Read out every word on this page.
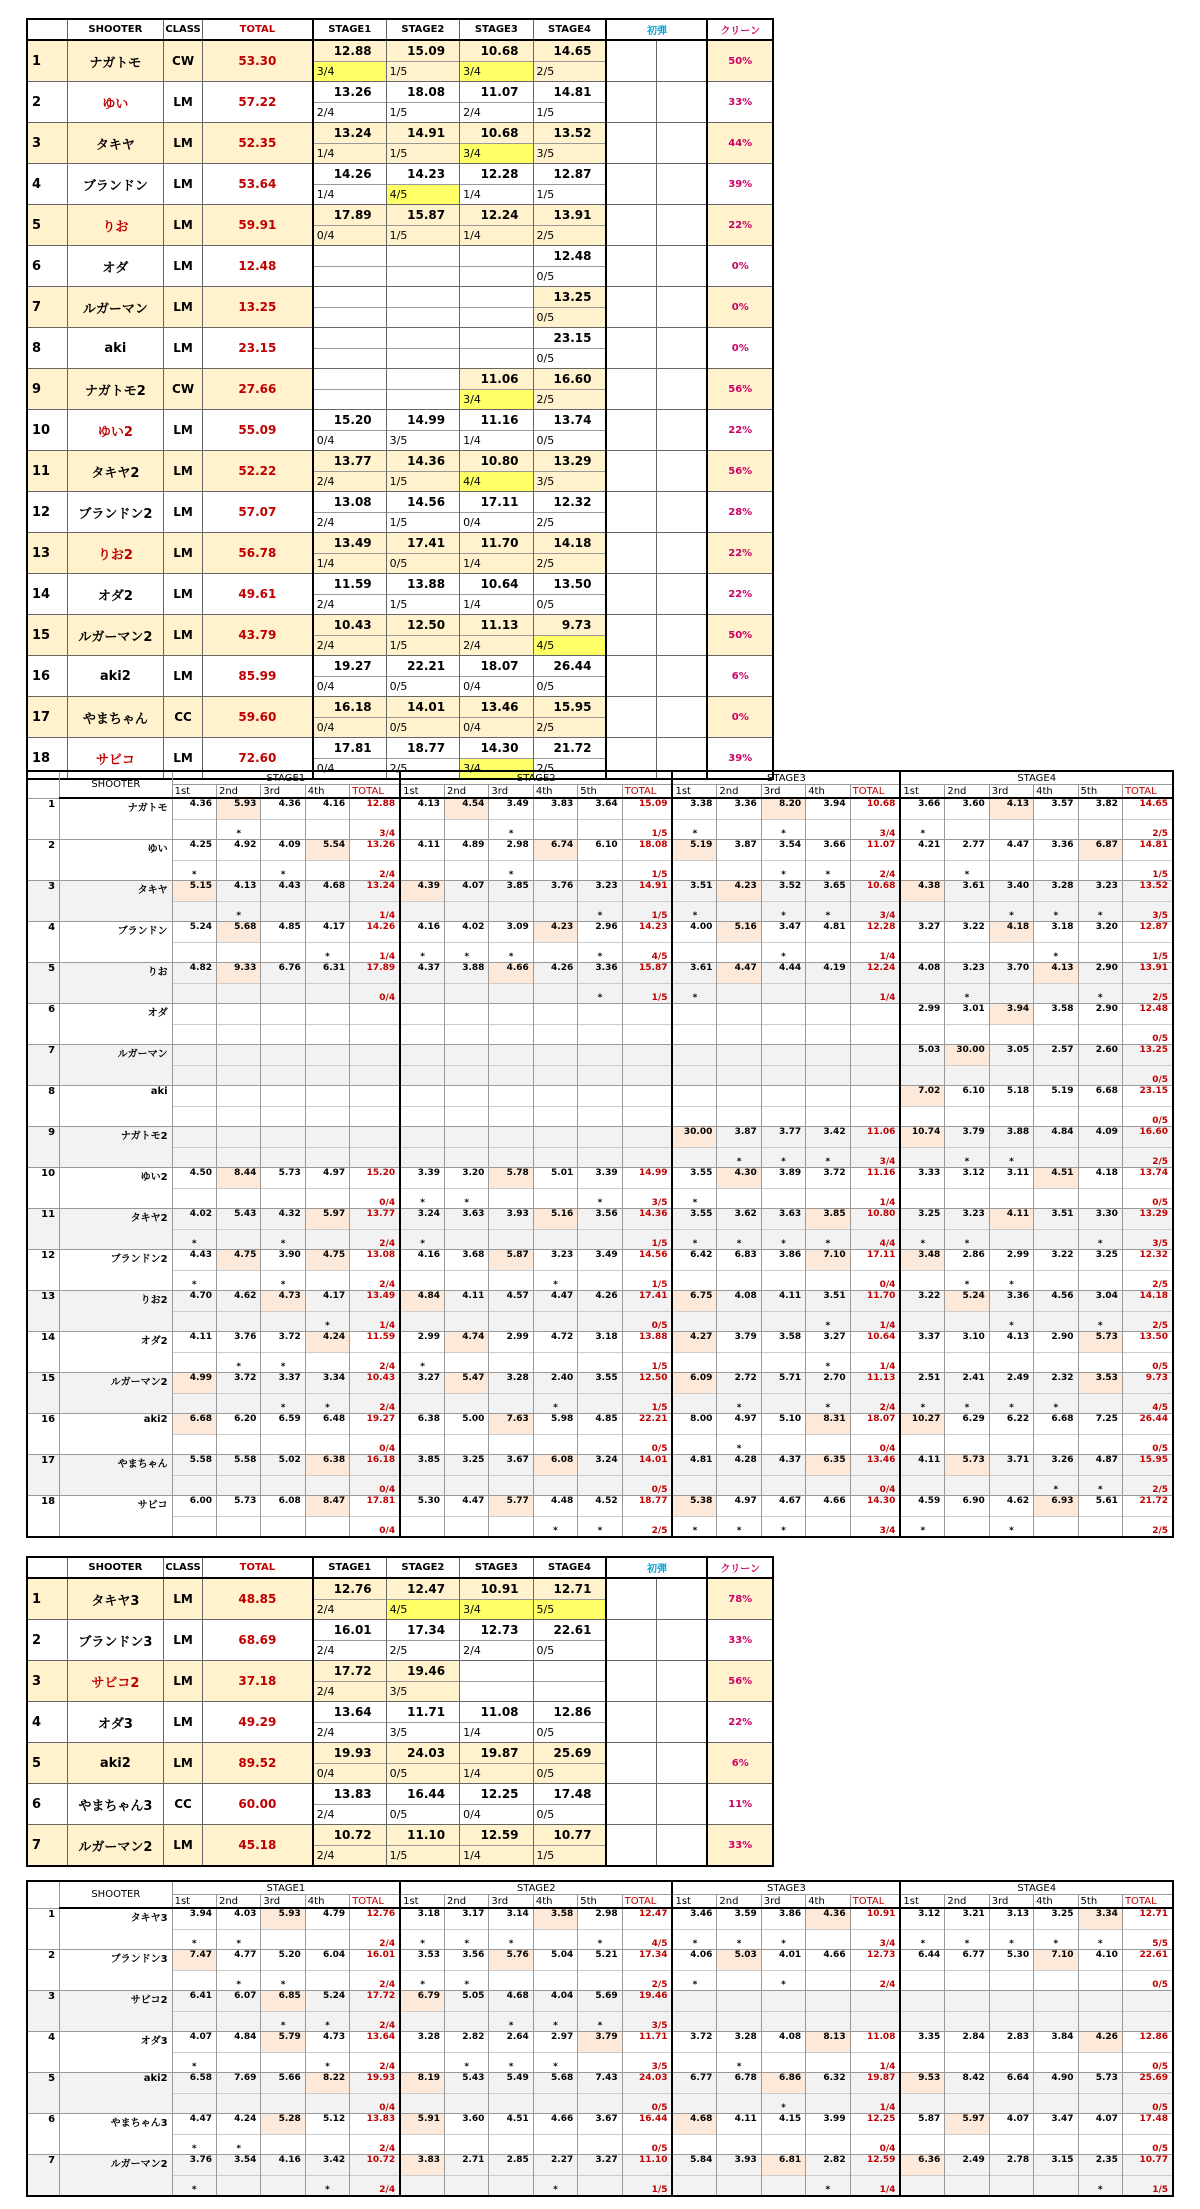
	SHOOTER	CLASS	TOTAL	STAGE1	STAGE2	STAGE3	STAGE4	初弾		クリーン
1	ナガトモ	CW	53.30	12.88	15.09	10.68	14.65			50%
				3/4	1/5	3/4	2/5			
2	ゆい	LM	57.22	13.26	18.08	11.07	14.81			33%
				2/4	1/5	2/4	1/5			
3	タキヤ	LM	52.35	13.24	14.91	10.68	13.52			44%
				1/4	1/5	3/4	3/5			
4	ブランドン	LM	53.64	14.26	14.23	12.28	12.87			39%
				1/4	4/5	1/4	1/5			
5	りお	LM	59.91	17.89	15.87	12.24	13.91			22%
				0/4	1/5	1/4	2/5			
6	オダ	LM	12.48				12.48			0%
							0/5			
7	ルガーマン	LM	13.25				13.25			0%
							0/5			
8	aki	LM	23.15				23.15			0%
							0/5			
9	ナガトモ2	CW	27.66			11.06	16.60			56%
						3/4	2/5			
10	ゆい2	LM	55.09	15.20	14.99	11.16	13.74			22%
				0/4	3/5	1/4	0/5			
11	タキヤ2	LM	52.22	13.77	14.36	10.80	13.29			56%
				2/4	1/5	4/4	3/5			
12	ブランドン2	LM	57.07	13.08	14.56	17.11	12.32			28%
				2/4	1/5	0/4	2/5			
13	りお2	LM	56.78	13.49	17.41	11.70	14.18			22%
				1/4	0/5	1/4	2/5			
14	オダ2	LM	49.61	11.59	13.88	10.64	13.50			22%
				2/4	1/5	1/4	0/5			
15	ルガーマン2	LM	43.79	10.43	12.50	11.13	9.73			50%
				2/4	1/5	2/4	4/5			
16	aki2	LM	85.99	19.27	22.21	18.07	26.44			6%
				0/4	0/5	0/4	0/5			
17	やまちゃん	CC	59.60	16.18	14.01	13.46	15.95			0%
				0/4	0/5	0/4	2/5			
18	サビコ	LM	72.60	17.81	18.77	14.30	21.72			39%
				0/4	2/5	3/4	2/5			
	SHOOTER	STAGE1					STAGE2						STAGE3					STAGE4					
		1st	2nd	3rd	4th	TOTAL	1st	2nd	3rd	4th	5th	TOTAL	1st	2nd	3rd	4th	TOTAL	1st	2nd	3rd	4th	5th	TOTAL
1	ナガトモ	4.36	5.93	4.36	4.16	12.88	4.13	4.54	3.49	3.83	3.64	15.09	3.38	3.36	8.20	3.94	10.68	3.66	3.60	4.13	3.57	3.82	14.65
			*			3/4			*			1/5	*		*		3/4	*					2/5
2	ゆい	4.25	4.92	4.09	5.54	13.26	4.11	4.89	2.98	6.74	6.10	18.08	5.19	3.87	3.54	3.66	11.07	4.21	2.77	4.47	3.36	6.87	14.81
		*		*		2/4			*			1/5			*	*	2/4		*				1/5
3	タキヤ	5.15	4.13	4.43	4.68	13.24	4.39	4.07	3.85	3.76	3.23	14.91	3.51	4.23	3.52	3.65	10.68	4.38	3.61	3.40	3.28	3.23	13.52
			*			1/4					*	1/5	*		*	*	3/4			*	*	*	3/5
4	ブランドン	5.24	5.68	4.85	4.17	14.26	4.16	4.02	3.09	4.23	2.96	14.23	4.00	5.16	3.47	4.81	12.28	3.27	3.22	4.18	3.18	3.20	12.87
					*	1/4	*	*	*		*	4/5			*		1/4				*		1/5
5	りお	4.82	9.33	6.76	6.31	17.89	4.37	3.88	4.66	4.26	3.36	15.87	3.61	4.47	4.44	4.19	12.24	4.08	3.23	3.70	4.13	2.90	13.91
						0/4					*	1/5	*				1/4		*			*	2/5
6	オダ																	2.99	3.01	3.94	3.58	2.90	12.48
																							0/5
7	ルガーマン																	5.03	30.00	3.05	2.57	2.60	13.25
																							0/5
8	aki																	7.02	6.10	5.18	5.19	6.68	23.15
																							0/5
9	ナガトモ2												30.00	3.87	3.77	3.42	11.06	10.74	3.79	3.88	4.84	4.09	16.60
														*	*	*	3/4		*	*			2/5
10	ゆい2	4.50	8.44	5.73	4.97	15.20	3.39	3.20	5.78	5.01	3.39	14.99	3.55	4.30	3.89	3.72	11.16	3.33	3.12	3.11	4.51	4.18	13.74
						0/4	*	*			*	3/5	*				1/4						0/5
11	タキヤ2	4.02	5.43	4.32	5.97	13.77	3.24	3.63	3.93	5.16	3.56	14.36	3.55	3.62	3.63	3.85	10.80	3.25	3.23	4.11	3.51	3.30	13.29
		*		*		2/4	*					1/5	*	*	*	*	4/4	*	*			*	3/5
12	ブランドン2	4.43	4.75	3.90	4.75	13.08	4.16	3.68	5.87	3.23	3.49	14.56	6.42	6.83	3.86	7.10	17.11	3.48	2.86	2.99	3.22	3.25	12.32
		*		*		2/4				*		1/5					0/4		*	*			2/5
13	りお2	4.70	4.62	4.73	4.17	13.49	4.84	4.11	4.57	4.47	4.26	17.41	6.75	4.08	4.11	3.51	11.70	3.22	5.24	3.36	4.56	3.04	14.18
					*	1/4						0/5				*	1/4			*		*	2/5
14	オダ2	4.11	3.76	3.72	4.24	11.59	2.99	4.74	2.99	4.72	3.18	13.88	4.27	3.79	3.58	3.27	10.64	3.37	3.10	4.13	2.90	5.73	13.50
			*	*		2/4	*					1/5				*	1/4						0/5
15	ルガーマン2	4.99	3.72	3.37	3.34	10.43	3.27	5.47	3.28	2.40	3.55	12.50	6.09	2.72	5.71	2.70	11.13	2.51	2.41	2.49	2.32	3.53	9.73
				*	*	2/4				*		1/5		*		*	2/4	*	*	*	*		4/5
16	aki2	6.68	6.20	6.59	6.48	19.27	6.38	5.00	7.63	5.98	4.85	22.21	8.00	4.97	5.10	8.31	18.07	10.27	6.29	6.22	6.68	7.25	26.44
						0/4						0/5		*			0/4						0/5
17	やまちゃん	5.58	5.58	5.02	6.38	16.18	3.85	3.25	3.67	6.08	3.24	14.01	4.81	4.28	4.37	6.35	13.46	4.11	5.73	3.71	3.26	4.87	15.95
						0/4						0/5					0/4				*	*	2/5
18	サビコ	6.00	5.73	6.08	8.47	17.81	5.30	4.47	5.77	4.48	4.52	18.77	5.38	4.97	4.67	4.66	14.30	4.59	6.90	4.62	6.93	5.61	21.72
						0/4				*	*	2/5	*	*	*		3/4	*		*			2/5
	SHOOTER	CLASS	TOTAL	STAGE1	STAGE2	STAGE3	STAGE4	初弾		クリーン
1	タキヤ3	LM	48.85	12.76	12.47	10.91	12.71			78%
				2/4	4/5	3/4	5/5			
2	ブランドン3	LM	68.69	16.01	17.34	12.73	22.61			33%
				2/4	2/5	2/4	0/5			
3	サビコ2	LM	37.18	17.72	19.46					56%
				2/4	3/5					
4	オダ3	LM	49.29	13.64	11.71	11.08	12.86			22%
				2/4	3/5	1/4	0/5			
5	aki2	LM	89.52	19.93	24.03	19.87	25.69			6%
				0/4	0/5	1/4	0/5			
6	やまちゃん3	CC	60.00	13.83	16.44	12.25	17.48			11%
				2/4	0/5	0/4	0/5			
7	ルガーマン2	LM	45.18	10.72	11.10	12.59	10.77			33%
				2/4	1/5	1/4	1/5			
	SHOOTER	STAGE1					STAGE2						STAGE3					STAGE4					
		1st	2nd	3rd	4th	TOTAL	1st	2nd	3rd	4th	5th	TOTAL	1st	2nd	3rd	4th	TOTAL	1st	2nd	3rd	4th	5th	TOTAL
1	タキヤ3	3.94	4.03	5.93	4.79	12.76	3.18	3.17	3.14	3.58	2.98	12.47	3.46	3.59	3.86	4.36	10.91	3.12	3.21	3.13	3.25	3.34	12.71
		*	*			2/4	*	*	*		*	4/5	*	*	*		3/4	*	*	*	*	*	5/5
2	ブランドン3	7.47	4.77	5.20	6.04	16.01	3.53	3.56	5.76	5.04	5.21	17.34	4.06	5.03	4.01	4.66	12.73	6.44	6.77	5.30	7.10	4.10	22.61
			*	*		2/4	*	*				2/5	*		*		2/4						0/5
3	サビコ2	6.41	6.07	6.85	5.24	17.72	6.79	5.05	4.68	4.04	5.69	19.46											
				*	*	2/4			*	*	*	3/5											
4	オダ3	4.07	4.84	5.79	4.73	13.64	3.28	2.82	2.64	2.97	3.79	11.71	3.72	3.28	4.08	8.13	11.08	3.35	2.84	2.83	3.84	4.26	12.86
		*			*	2/4		*	*	*		3/5		*			1/4						0/5
5	aki2	6.58	7.69	5.66	8.22	19.93	8.19	5.43	5.49	5.68	7.43	24.03	6.77	6.78	6.86	6.32	19.87	9.53	8.42	6.64	4.90	5.73	25.69
						0/4						0/5			*		1/4						0/5
6	やまちゃん3	4.47	4.24	5.28	5.12	13.83	5.91	3.60	4.51	4.66	3.67	16.44	4.68	4.11	4.15	3.99	12.25	5.87	5.97	4.07	3.47	4.07	17.48
		*	*			2/4						0/5					0/4						0/5
7	ルガーマン2	3.76	3.54	4.16	3.42	10.72	3.83	2.71	2.85	2.27	3.27	11.10	5.84	3.93	6.81	2.82	12.59	6.36	2.49	2.78	3.15	2.35	10.77
		*			*	2/4				*		1/5				*	1/4					*	1/5
